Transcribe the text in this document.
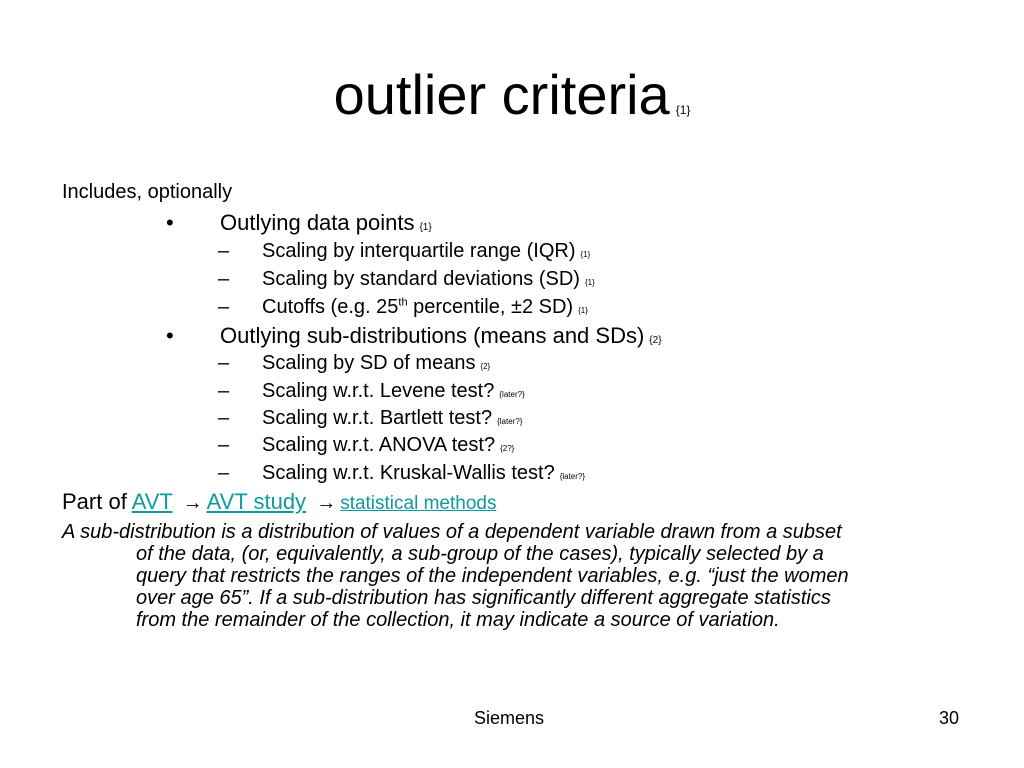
outlier criteria {1}
Includes, optionally
• Outlying data points {1}
– Scaling by interquartile range (IQR) {1}
– Scaling by standard deviations (SD) {1}
– Cutoffs (e.g. 25th percentile, ±2 SD) {1}
• Outlying sub-distributions (means and SDs) {2}
– Scaling by SD of means {2}
– Scaling w.r.t. Levene test? {later?}
– Scaling w.r.t. Bartlett test? {later?}
– Scaling w.r.t. ANOVA test? {2?}
– Scaling w.r.t. Kruskal-Wallis test? {later?}
Part of AVT → AVT study → statistical methods
A sub-distribution is a distribution of values of a dependent variable drawn from a subset
of the data, (or, equivalently, a sub-group of the cases), typically selected by a
query that restricts the ranges of the independent variables, e.g. “just the women
over age 65”. If a sub-distribution has significantly different aggregate statistics
from the remainder of the collection, it may indicate a source of variation.
Siemens	30
